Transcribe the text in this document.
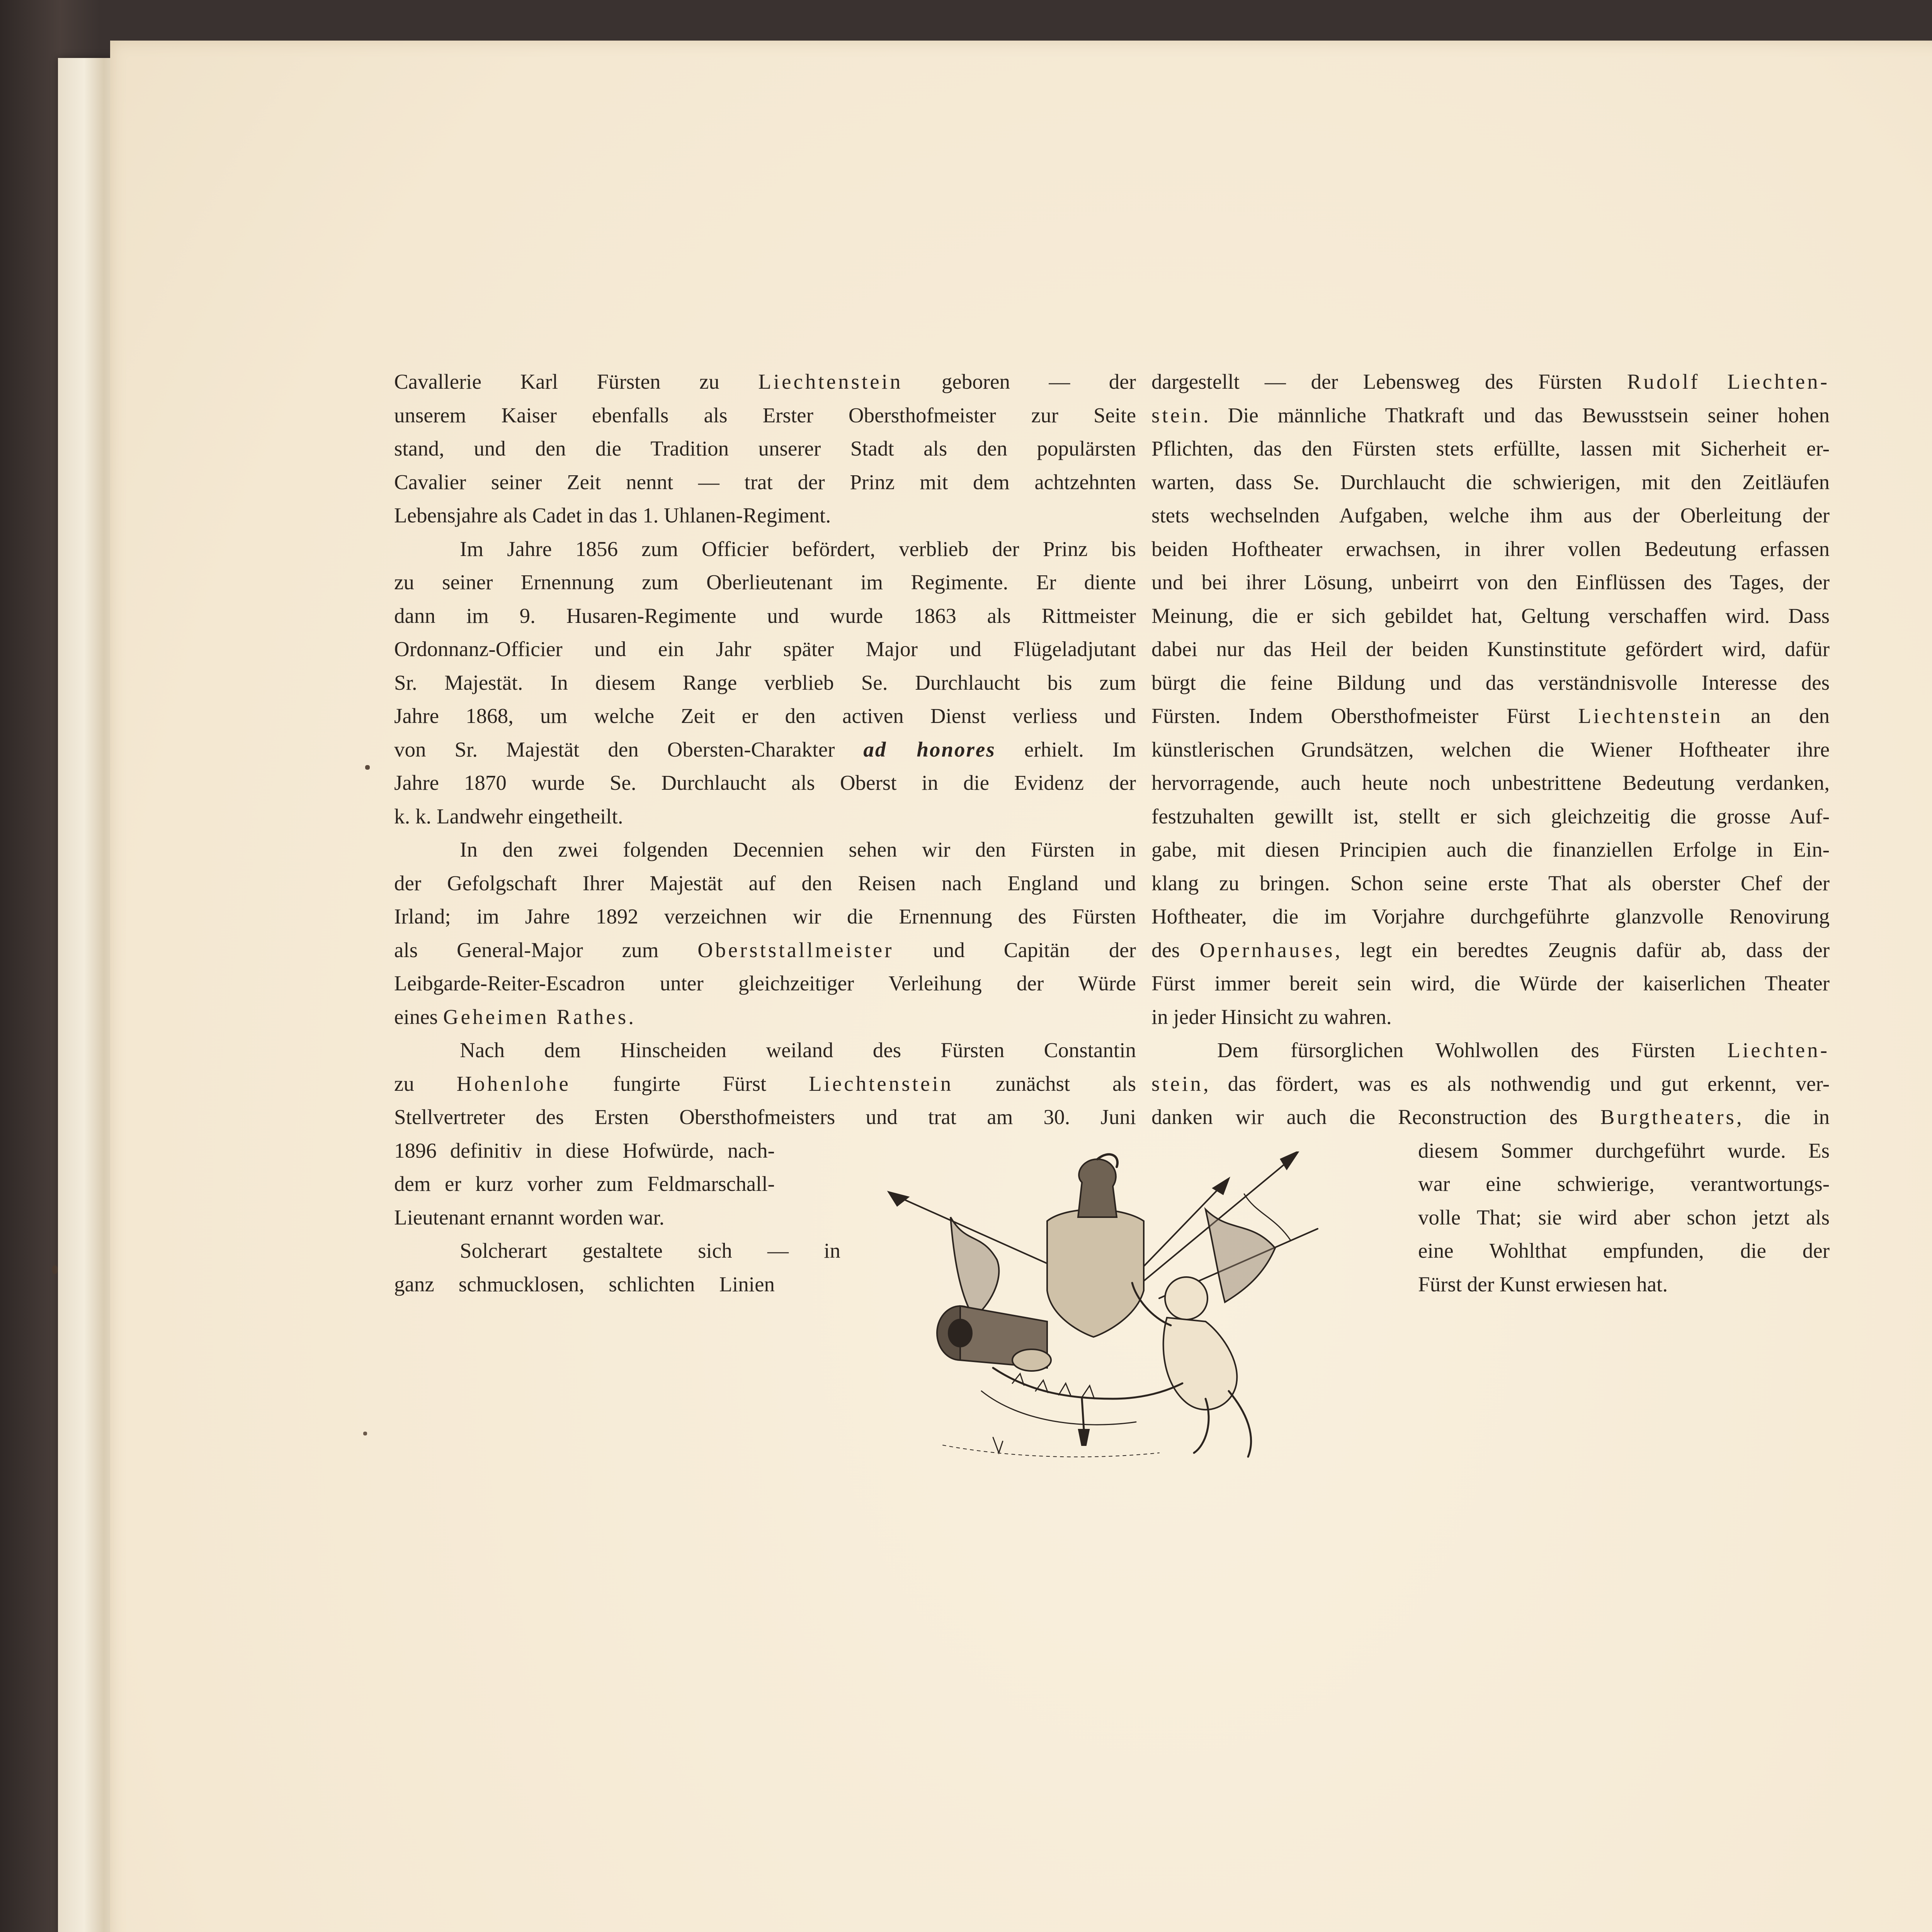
Cavallerie Karl Fürsten zu Liechtenstein geboren — der
unserem Kaiser ebenfalls als Erster Obersthofmeister zur Seite
stand, und den die Tradition unserer Stadt als den populärsten
Cavalier seiner Zeit nennt — trat der Prinz mit dem achtzehnten
Lebensjahre als Cadet in das 1. Uhlanen-Regiment.
Im Jahre 1856 zum Officier befördert, verblieb der Prinz bis
zu seiner Ernennung zum Oberlieutenant im Regimente. Er diente
dann im 9. Husaren-Regimente und wurde 1863 als Rittmeister
Ordonnanz-Officier und ein Jahr später Major und Flügeladjutant
Sr. Majestät. In diesem Range verblieb Se. Durchlaucht bis zum
Jahre 1868, um welche Zeit er den activen Dienst verliess und
von Sr. Majestät den Obersten-Charakter ad honores erhielt. Im
Jahre 1870 wurde Se. Durchlaucht als Oberst in die Evidenz der
k. k. Landwehr eingetheilt.
In den zwei folgenden Decennien sehen wir den Fürsten in
der Gefolgschaft Ihrer Majestät auf den Reisen nach England und
Irland; im Jahre 1892 verzeichnen wir die Ernennung des Fürsten
als General-Major zum Oberststallmeister und Capitän der
Leibgarde-Reiter-Escadron unter gleichzeitiger Verleihung der Würde
eines Geheimen Rathes.
Nach dem Hinscheiden weiland des Fürsten Constantin
zu Hohenlohe fungirte Fürst Liechtenstein zunächst als
Stellvertreter des Ersten Obersthofmeisters und trat am 30. Juni
1896 definitiv in diese Hofwürde, nach-
dem er kurz vorher zum Feldmarschall-
Lieutenant ernannt worden war.
Solcherart gestaltete sich — in
ganz schmucklosen, schlichten Linien
dargestellt — der Lebensweg des Fürsten Rudolf Liechten-
stein. Die männliche Thatkraft und das Bewusstsein seiner hohen
Pflichten, das den Fürsten stets erfüllte, lassen mit Sicherheit er-
warten, dass Se. Durchlaucht die schwierigen, mit den Zeitläufen
stets wechselnden Aufgaben, welche ihm aus der Oberleitung der
beiden Hoftheater erwachsen, in ihrer vollen Bedeutung erfassen
und bei ihrer Lösung, unbeirrt von den Einflüssen des Tages, der
Meinung, die er sich gebildet hat, Geltung verschaffen wird. Dass
dabei nur das Heil der beiden Kunstinstitute gefördert wird, dafür
bürgt die feine Bildung und das verständnisvolle Interesse des
Fürsten. Indem Obersthofmeister Fürst Liechtenstein an den
künstlerischen Grundsätzen, welchen die Wiener Hoftheater ihre
hervorragende, auch heute noch unbestrittene Bedeutung verdanken,
festzuhalten gewillt ist, stellt er sich gleichzeitig die grosse Auf-
gabe, mit diesen Principien auch die finanziellen Erfolge in Ein-
klang zu bringen. Schon seine erste That als oberster Chef der
Hoftheater, die im Vorjahre durchgeführte glanzvolle Renovirung
des Opernhauses, legt ein beredtes Zeugnis dafür ab, dass der
Fürst immer bereit sein wird, die Würde der kaiserlichen Theater
in jeder Hinsicht zu wahren.
Dem fürsorglichen Wohlwollen des Fürsten Liechten-
stein, das fördert, was es als nothwendig und gut erkennt, ver-
danken wir auch die Reconstruction des Burgtheaters, die in
diesem Sommer durchgeführt wurde. Es
war eine schwierige, verantwortungs-
volle That; sie wird aber schon jetzt als
eine Wohlthat empfunden, die der
Fürst der Kunst erwiesen hat.
